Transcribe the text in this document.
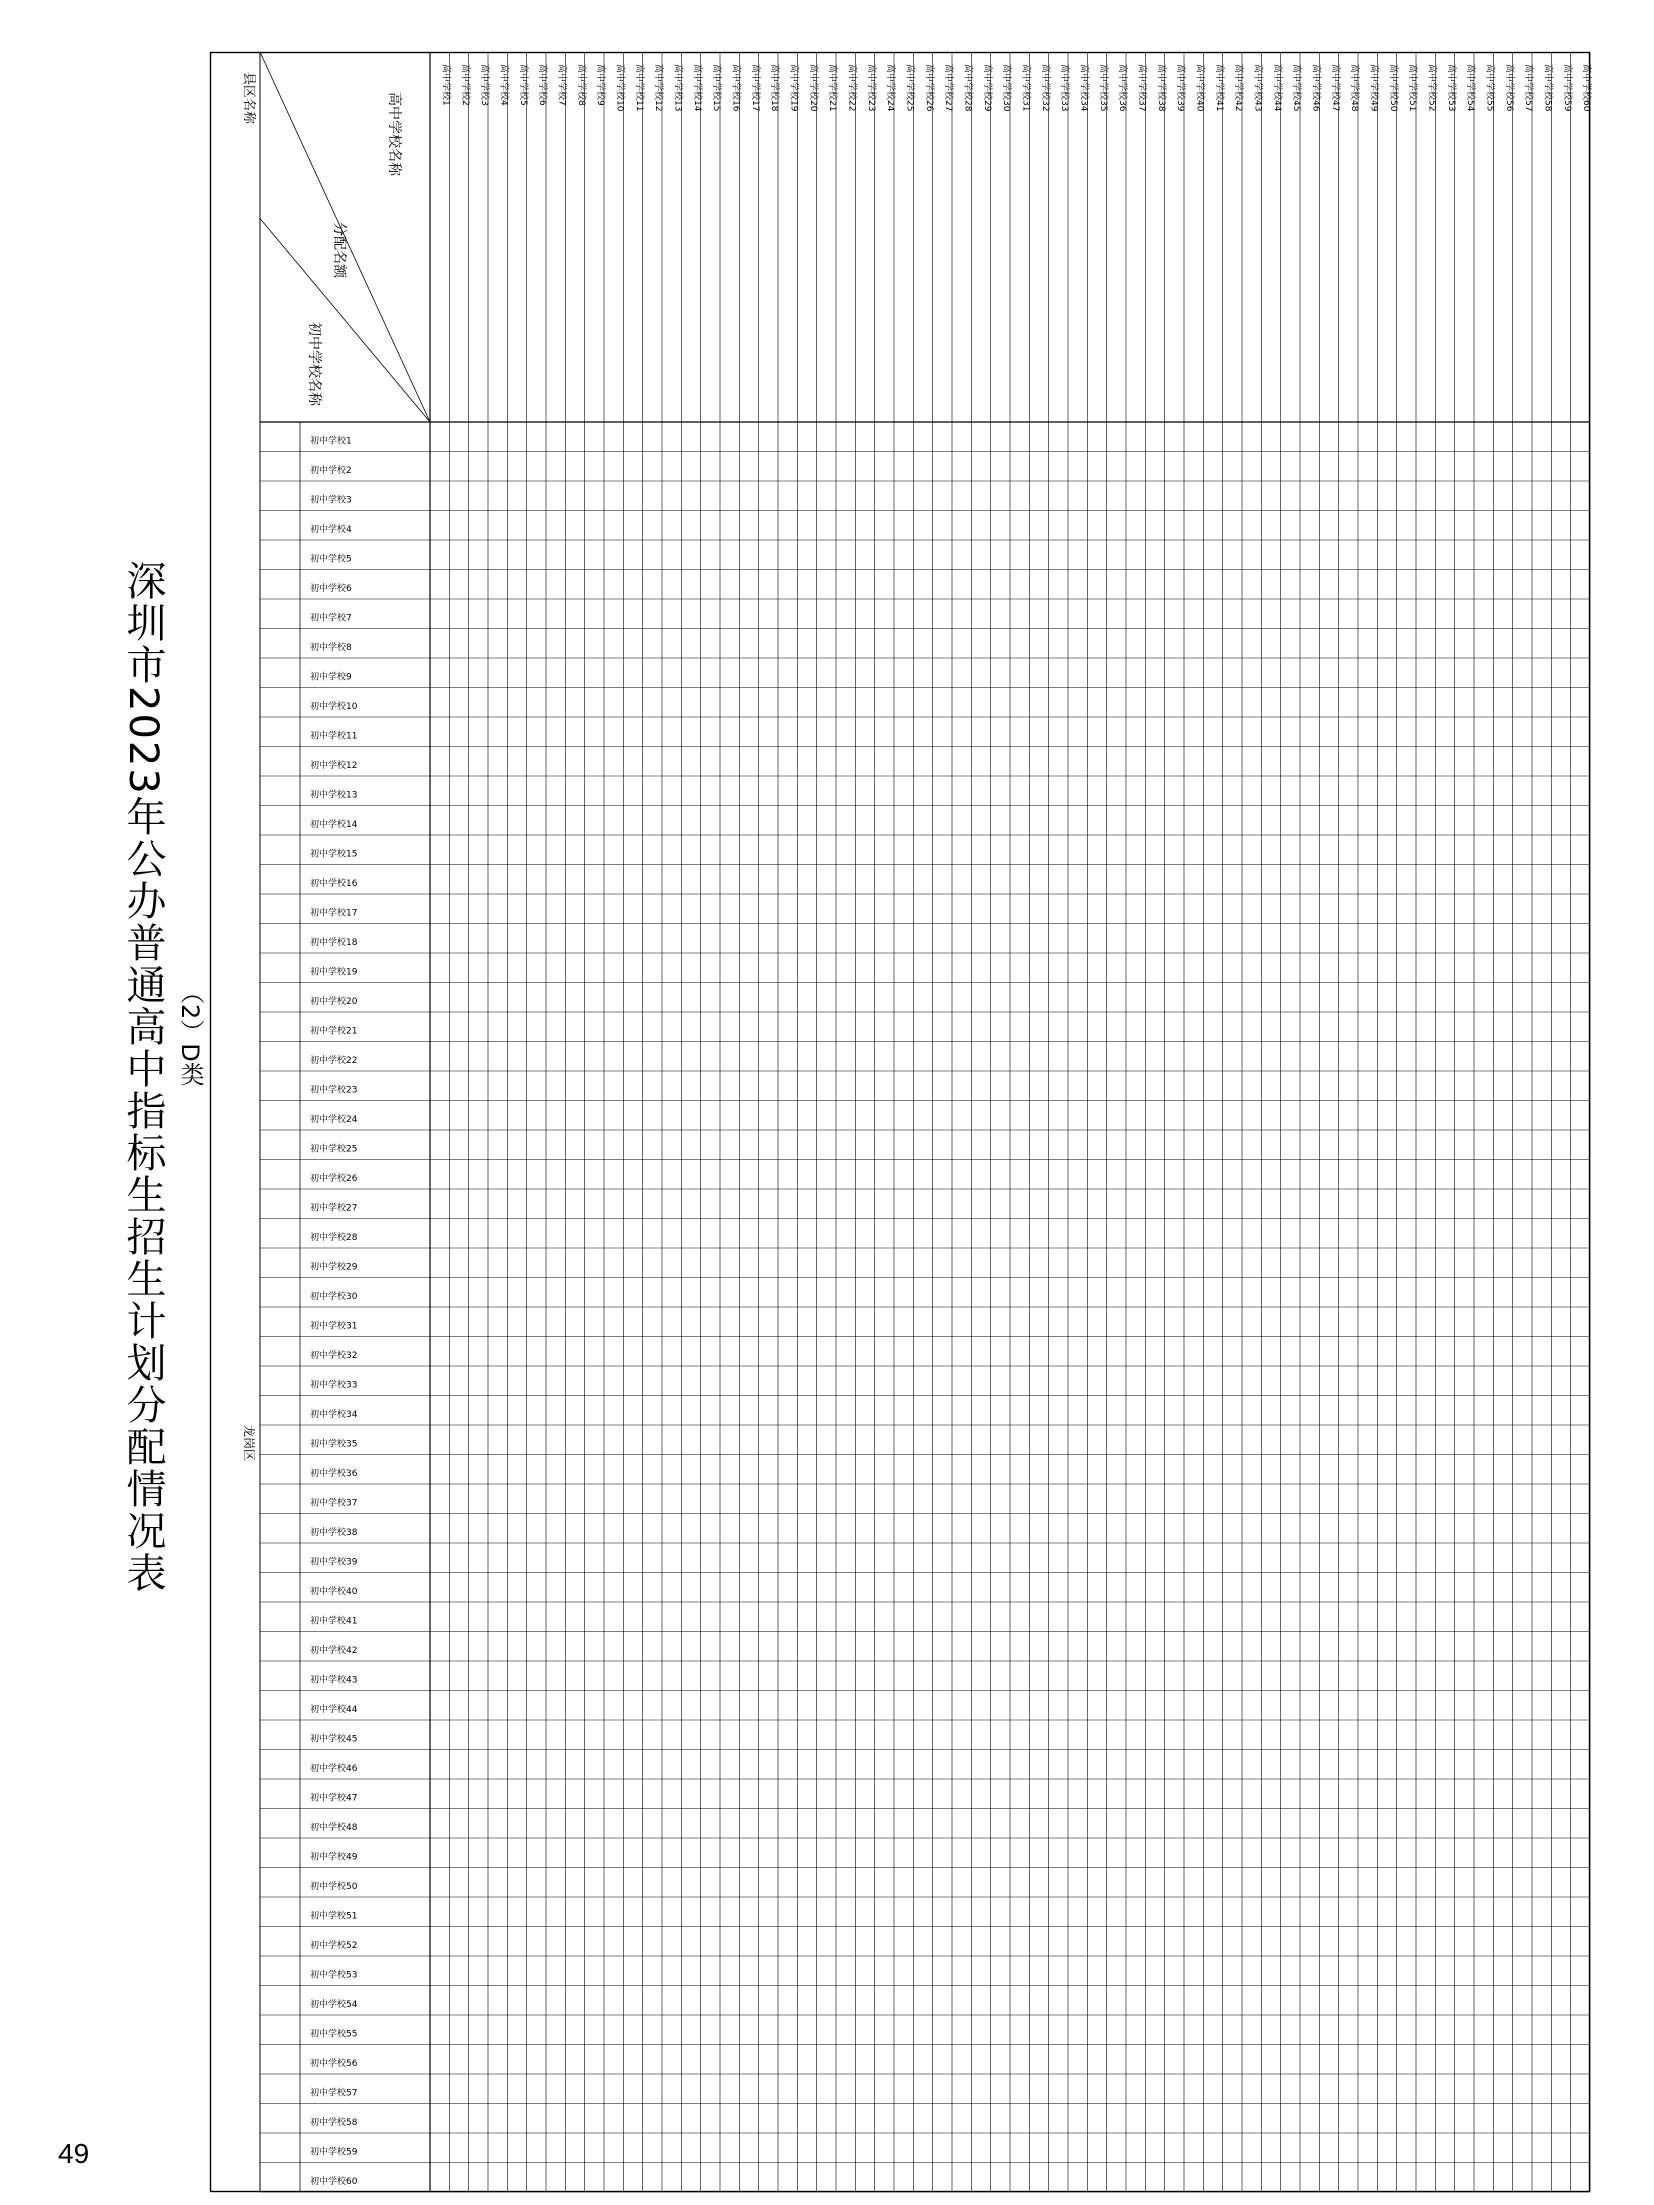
49
深圳市2023年公办普通高中指标生招生计划分配情况表 （2）D类
分配名额
高中学校名称
初中学校名称
县区名称
龙岗区
高中学校1 高中学校2 高中学校3 高中学校4 高中学校5 高中学校6 高中学校7 高中学校8 高中学校9 高中学校10 高中学校11 高中学校12 高中学校13 高中学校14 高中学校15 高中学校16 高中学校17 高中学校18 高中学校19 高中学校20 高中学校21 高中学校22 高中学校23 高中学校24 高中学校25 高中学校26 高中学校27 高中学校28 高中学校29 高中学校30 高中学校31 高中学校32 高中学校33 高中学校34 高中学校35 高中学校36 高中学校37 高中学校38 高中学校39 高中学校40 高中学校41 高中学校42 高中学校43 高中学校44 高中学校45 高中学校46 高中学校47 高中学校48 高中学校49 高中学校50 高中学校51 高中学校52 高中学校53 高中学校54 高中学校55 高中学校56 高中学校57 高中学校58 高中学校59 高中学校60
初中学校1
初中学校2
初中学校3
初中学校4
初中学校5
初中学校6
初中学校7
初中学校8
初中学校9
初中学校10
初中学校11
初中学校12
初中学校13
初中学校14
初中学校15
初中学校16
初中学校17
初中学校18
初中学校19
初中学校20
初中学校21
初中学校22
初中学校23
初中学校24
初中学校25
初中学校26
初中学校27
初中学校28
初中学校29
初中学校30
初中学校31
初中学校32
初中学校33
初中学校34
初中学校35
初中学校36
初中学校37
初中学校38
初中学校39
初中学校40
初中学校41
初中学校42
初中学校43
初中学校44
初中学校45
初中学校46
初中学校47
初中学校48
初中学校49
初中学校50
初中学校51
初中学校52
初中学校53
初中学校54
初中学校55
初中学校56
初中学校57
初中学校58
初中学校59
初中学校60
